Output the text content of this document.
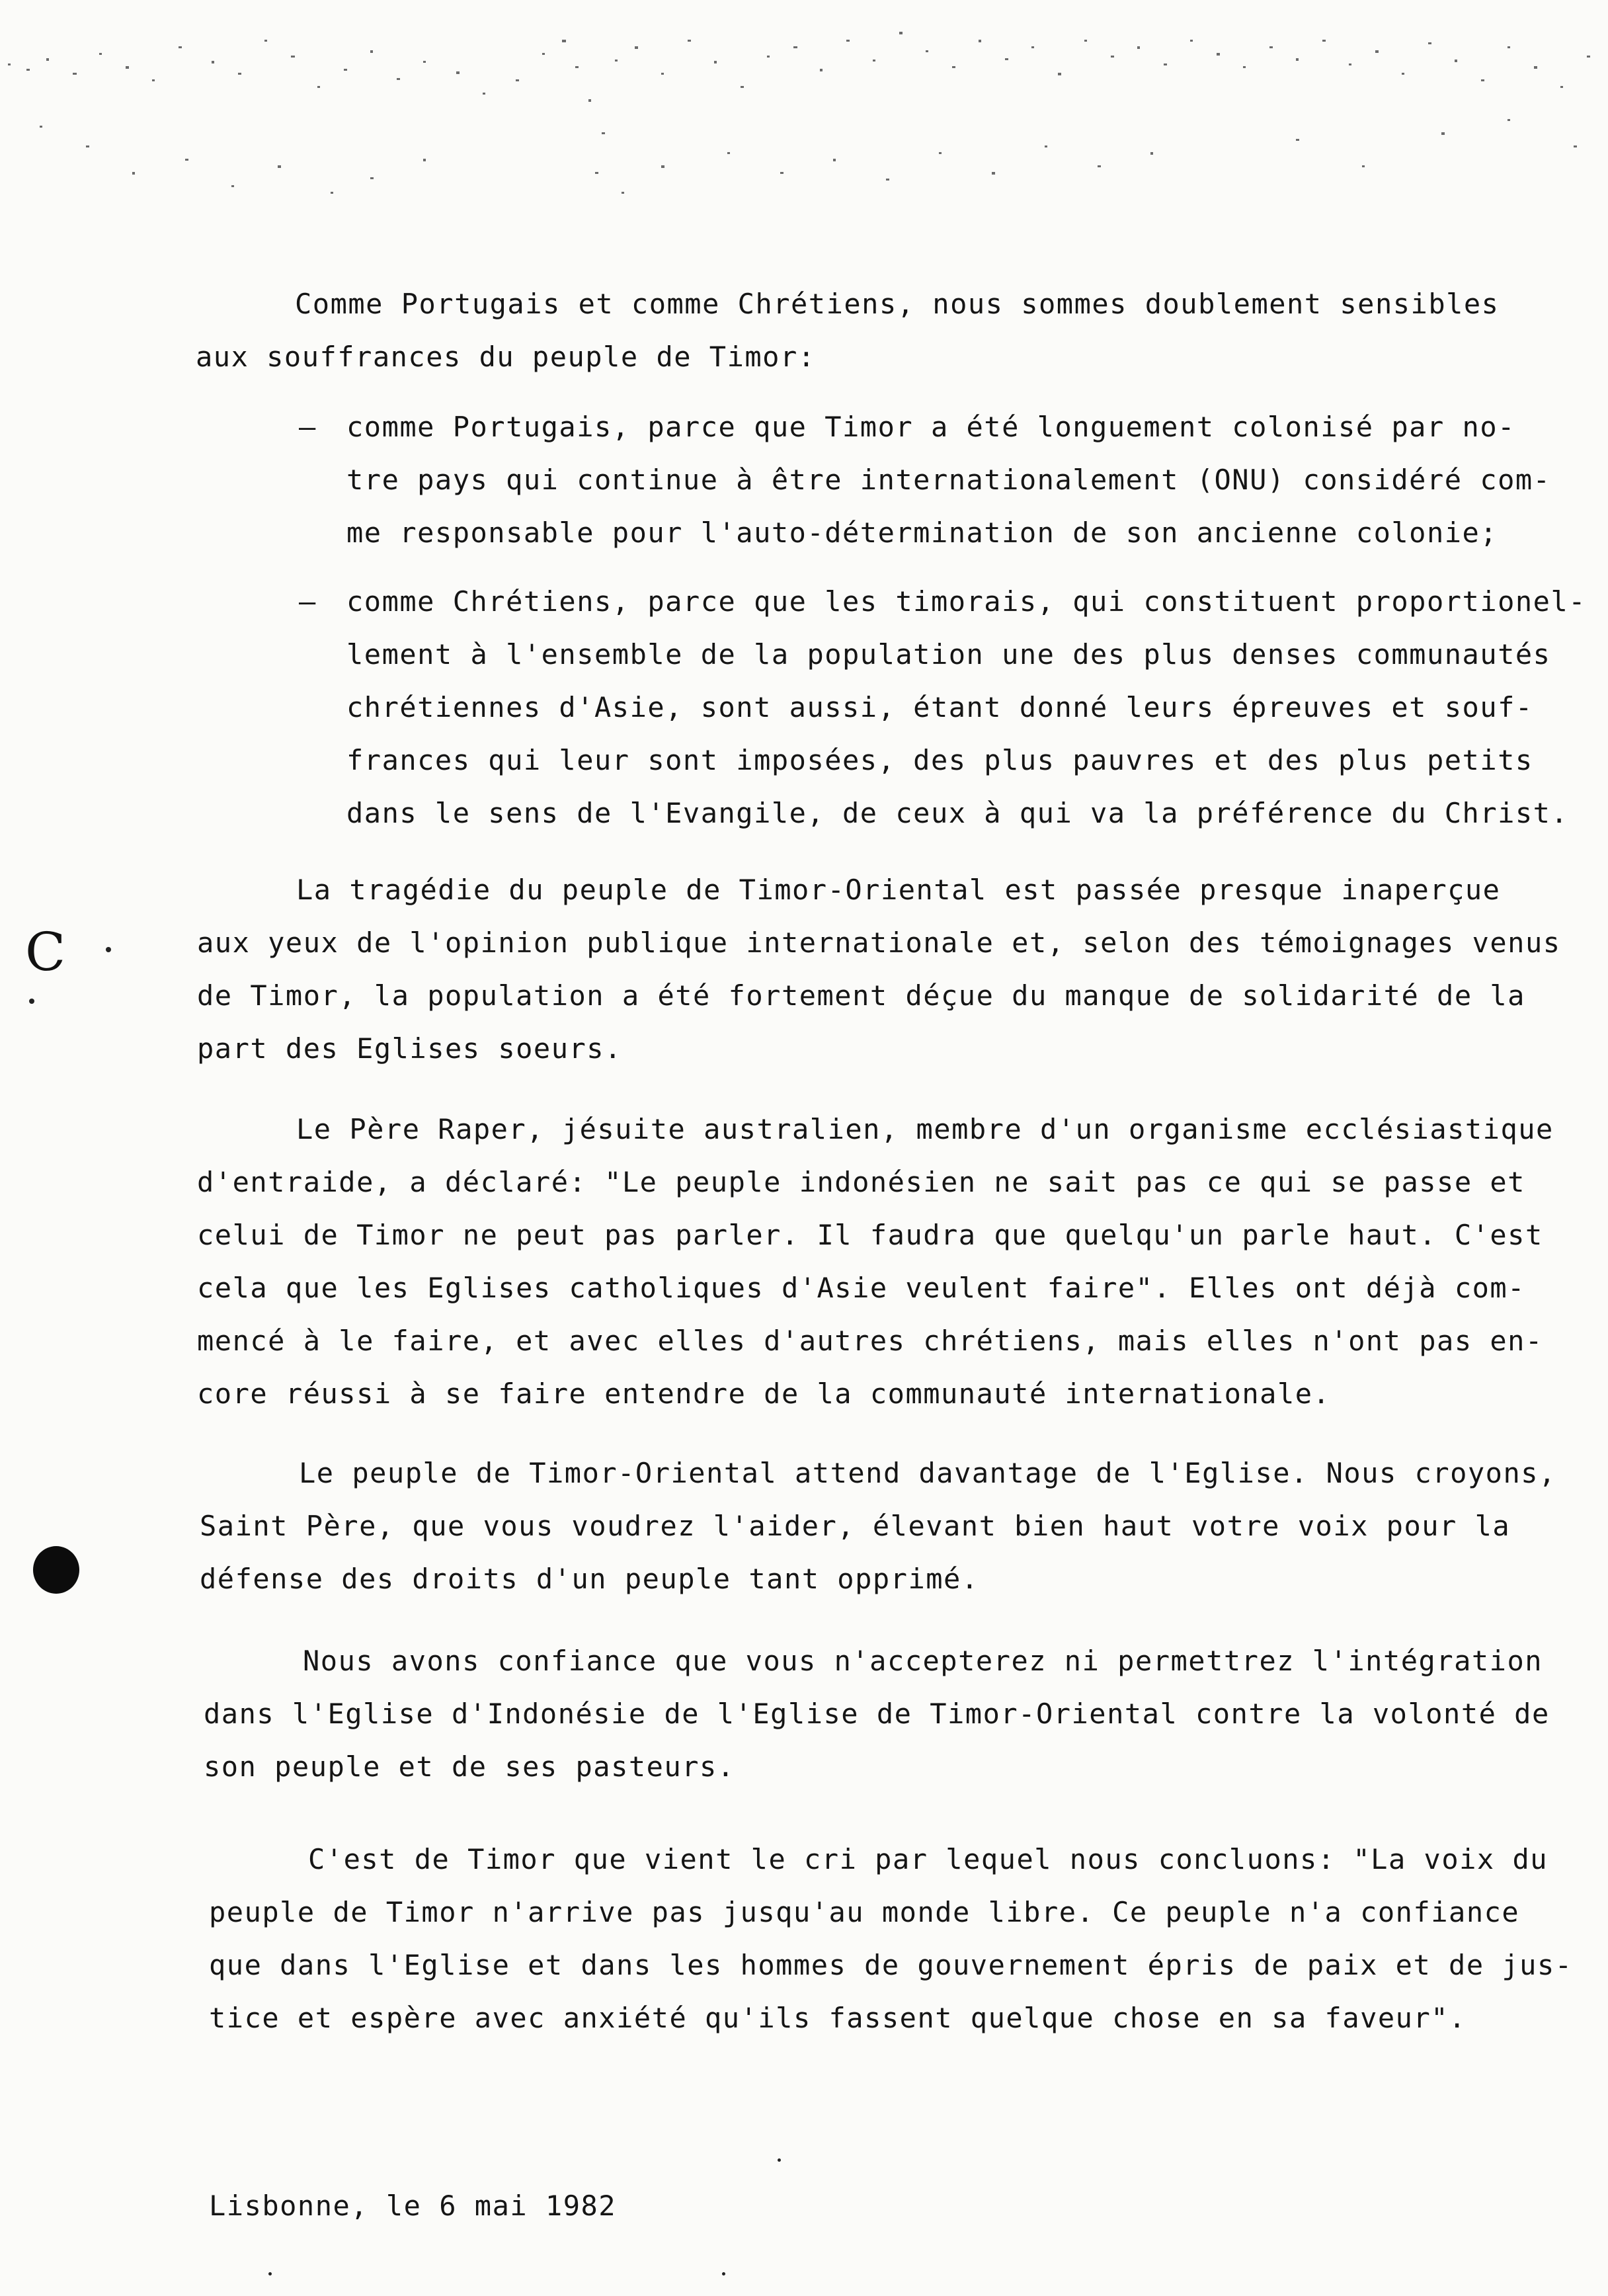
Comme Portugais et comme Chrétiens, nous sommes doublement sensibles
aux souffrances du peuple de Timor:

– comme Portugais, parce que Timor a été longuement colonisé par no-
tre pays qui continue à être internationalement (ONU) considéré com-
me responsable pour l'auto-détermination de son ancienne colonie;
– comme Chrétiens, parce que les timorais, qui constituent proportionel-
lement à l'ensemble de la population une des plus denses communautés
chrétiennes d'Asie, sont aussi, étant donné leurs épreuves et souf-
frances qui leur sont imposées, des plus pauvres et des plus petits
dans le sens de l'Evangile, de ceux à qui va la préférence du Christ.

La tragédie du peuple de Timor-Oriental est passée presque inaperçue
aux yeux de l'opinion publique internationale et, selon des témoignages venus
de Timor, la population a été fortement déçue du manque de solidarité de la
part des Eglises soeurs.

Le Père Raper, jésuite australien, membre d'un organisme ecclésiastique
d'entraide, a déclaré: "Le peuple indonésien ne sait pas ce qui se passe et
celui de Timor ne peut pas parler. Il faudra que quelqu'un parle haut. C'est
cela que les Eglises catholiques d'Asie veulent faire". Elles ont déjà com-
mencé à le faire, et avec elles d'autres chrétiens, mais elles n'ont pas en-
core réussi à se faire entendre de la communauté internationale.

Le peuple de Timor-Oriental attend davantage de l'Eglise. Nous croyons,
Saint Père, que vous voudrez l'aider, élevant bien haut votre voix pour la
défense des droits d'un peuple tant opprimé.

Nous avons confiance que vous n'accepterez ni permettrez l'intégration
dans l'Eglise d'Indonésie de l'Eglise de Timor-Oriental contre la volonté de
son peuple et de ses pasteurs.

C'est de Timor que vient le cri par lequel nous concluons: "La voix du
peuple de Timor n'arrive pas jusqu'au monde libre. Ce peuple n'a confiance
que dans l'Eglise et dans les hommes de gouvernement épris de paix et de jus-
tice et espère avec anxiété qu'ils fassent quelque chose en sa faveur".

Lisbonne, le 6 mai 1982
C
